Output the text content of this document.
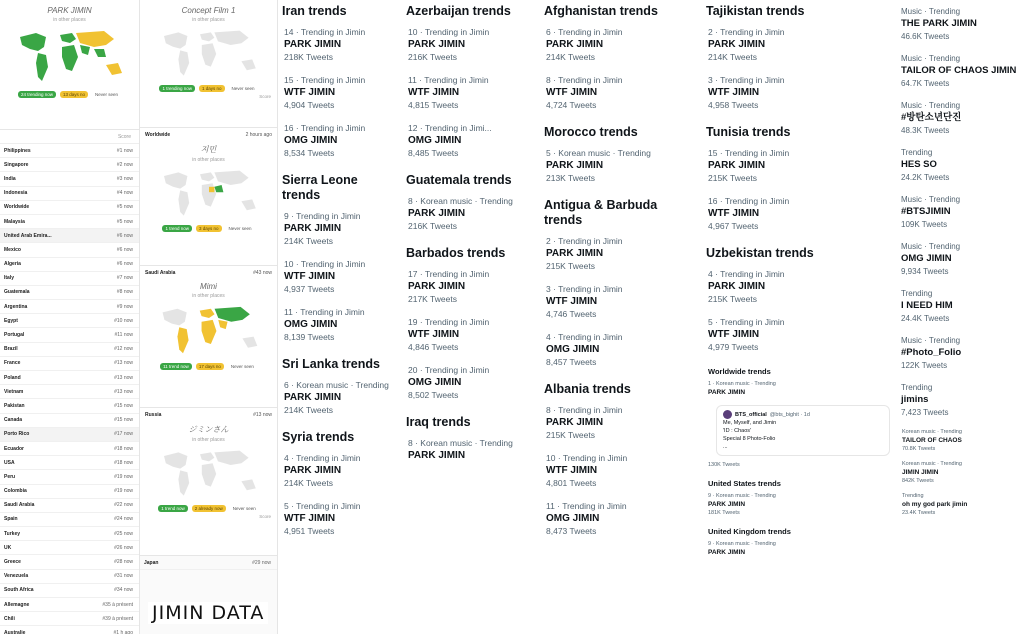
PARK JIMIN
in other places
24 trending now	13 days no	Never seen
Score
Philippines	#1 now
Singapore	#2 now
India	#3 now
Indonesia	#4 now
Worldwide	#5 now
Malaysia	#5 now
United Arab Emira...	#6 now
Mexico	#6 now
Algeria	#6 now
Italy	#7 now
Guatemala	#8 now
Argentina	#9 now
Egypt	#10 now
Portugal	#11 now
Brazil	#12 now
France	#13 now
Poland	#13 now
Vietnam	#13 now
Pakistan	#15 now
Canada	#15 now
Porto Rico	#17 now
Ecuador	#18 now
USA	#18 now
Peru	#19 now
Colombia	#19 now
Saudi Arabia	#22 now
Spain	#24 now
Turkey	#25 now
UK	#26 now
Greece	#28 now
Venezuela	#31 now
South Africa	#34 now
Allemagne	#35 à présent
Chili	#39 à présent
Australie	#1 h ago
Concept Film 1
in other places
1 trending now	1 days no	Never seen
Score
Worldwide	2 hours ago
지민
in other places
1 trend now	3 days no	Never seen
Saudi Arabia	#43 now
Mimi
in other places
11 trend now	17 days no	Never seen
Russia	#13 now
ジミンさん
in other places
1 trend now	2 already now	Never seen
Score
Japan	#29 now
Iran trends
14 · Trending in Jimin
PARK JIMIN
218K Tweets
15 · Trending in Jimin
WTF JIMIN
4,904 Tweets
16 · Trending in Jimin
OMG JIMIN
8,534 Tweets
Sierra Leone trends
9 · Trending in Jimin
PARK JIMIN
214K Tweets
10 · Trending in Jimin
WTF JIMIN
4,937 Tweets
11 · Trending in Jimin
OMG JIMIN
8,139 Tweets
Sri Lanka trends
6 · Korean music · Trending
PARK JIMIN
214K Tweets
Syria trends
4 · Trending in Jimin
PARK JIMIN
214K Tweets
5 · Trending in Jimin
WTF JIMIN
4,951 Tweets
Azerbaijan trends
10 · Trending in Jimin
PARK JIMIN
216K Tweets
11 · Trending in Jimin
WTF JIMIN
4,815 Tweets
12 · Trending in Jimi...
OMG JIMIN
8,485 Tweets
Guatemala trends
8 · Korean music · Trending
PARK JIMIN
216K Tweets
Barbados trends
17 · Trending in Jimin
PARK JIMIN
217K Tweets
19 · Trending in Jimin
WTF JIMIN
4,846 Tweets
20 · Trending in Jimin
OMG JIMIN
8,502 Tweets
Iraq trends
8 · Korean music · Trending
PARK JIMIN
Afghanistan trends
6 · Trending in Jimin
PARK JIMIN
214K Tweets
8 · Trending in Jimin
WTF JIMIN
4,724 Tweets
Morocco trends
5 · Korean music · Trending
PARK JIMIN
213K Tweets
Antigua & Barbuda trends
2 · Trending in Jimin
PARK JIMIN
215K Tweets
3 · Trending in Jimin
WTF JIMIN
4,746 Tweets
4 · Trending in Jimin
OMG JIMIN
8,457 Tweets
Albania trends
8 · Trending in Jimin
PARK JIMIN
215K Tweets
10 · Trending in Jimin
WTF JIMIN
4,801 Tweets
11 · Trending in Jimin
OMG JIMIN
8,473 Tweets
Tajikistan trends
2 · Trending in Jimin
PARK JIMIN
214K Tweets
3 · Trending in Jimin
WTF JIMIN
4,958 Tweets
Tunisia trends
15 · Trending in Jimin
PARK JIMIN
215K Tweets
16 · Trending in Jimin
WTF JIMIN
4,967 Tweets
Uzbekistan trends
4 · Trending in Jimin
PARK JIMIN
215K Tweets
5 · Trending in Jimin
WTF JIMIN
4,979 Tweets
Worldwide trends
1 · Korean music · Trending
PARK JIMIN
BTS_official @bts_bighit · 1d
Me, Myself, and Jimin
'ID : Chaos'
Special 8 Photo-Folio
...
130K Tweets
United States trends
9 · Korean music · Trending
PARK JIMIN
181K Tweets
United Kingdom trends
9 · Korean music · Trending
PARK JIMIN
Music · Trending
THE PARK JIMIN
46.6K Tweets
Music · Trending
TAILOR OF CHAOS JIMIN
64.7K Tweets
Music · Trending
#방탄소년단진
48.3K Tweets
Trending
HES SO
24.2K Tweets
Music · Trending
#BTSJIMIN
109K Tweets
Music · Trending
OMG JIMIN
9,934 Tweets
Trending
I NEED HIM
24.4K Tweets
Music · Trending
#Photo_Folio
122K Tweets
Trending
jimins
7,423 Tweets
Korean music · Trending
TAILOR OF CHAOS
70.8K Tweets
Korean music · Trending
JIMIN JIMIN
842K Tweets
Trending
oh my god park jimin
23.4K Tweets
JIMIN DATA
